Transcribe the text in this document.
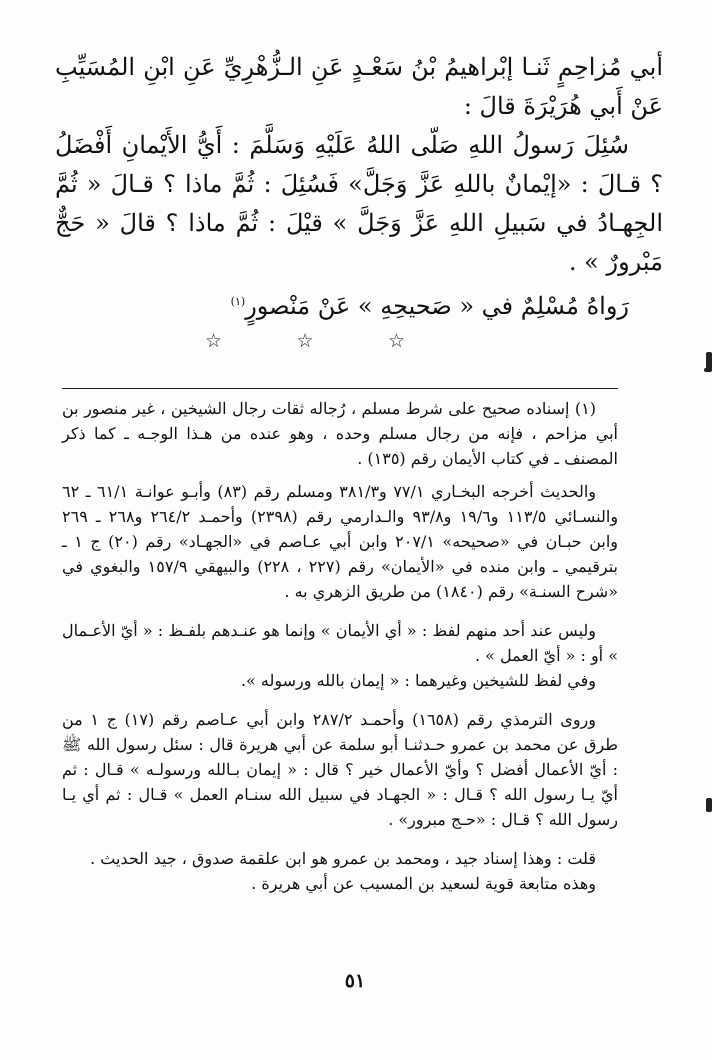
أبي مُزاحِمٍ ثَنـا إبْراهيمُ بْنُ سَعْـدٍ عَنِ الـزُّهْرِيِّ عَنِ ابْنِ المُسَيِّبِ عَنْ أَبي هُرَيْرَةَ قالَ :

سُئِلَ رَسولُ اللهِ صَلّى اللهُ عَلَيْهِ وَسَلَّمَ : أَيُّ الأَيْمانِ أَفْضَلُ ؟ قـالَ : «إيْمانٌ باللهِ عَزَّ وَجَلَّ» فَسُئِلَ : ثُمَّ ماذا ؟ قـالَ « ثُمَّ الجِهـادُ في سَبيلِ اللهِ عَزَّ وَجَلَّ » قيْلَ : ثُمَّ ماذا ؟ قالَ « حَجٌّ مَبْرورٌ » .

رَواهُ مُسْلِمٌ في « صَحيحِهِ » عَنْ مَنْصورٍ$^{(١)}$

☆	☆	☆

(١) إسناده صحيح على شرط مسلم ، رُجاله ثقات رجال الشيخين ، غير منصور بن أبي مزاحم ، فإنه من رجال مسلم وحده ، وهو عنده من هـذا الوجـه ـ كما ذكر المصنف ـ في كتاب الأيمان رقم (١٣٥) .

والحديث أخرجه البخـاري ٧٧/١ و٣٨١/٣ ومسلم رقم (٨٣) وأبـو عوانـة ٦١/١ ـ ٦٢ والنسـائي ١١٣/٥ و١٩/٦ و٩٣/٨ والـدارمي رقم (٢٣٩٨) وأحمـد ٢٦٤/٢ و٢٦٨ ـ ٢٦٩ وابن حبـان في «صحيحه» ٢٠٧/١ وابن أبي عـاصم في «الجهـاد» رقم (٢٠) ج ١ ـ بترقيمي ـ وابن منده في «الأيمان» رقم (٢٢٧ ، ٢٢٨) والبيهقي ١٥٧/٩ والبغوي في «شرح السنـة» رقم (١٨٤٠) من طريق الزهري به .

وليس عند أحد منهم لفظ : « أي الأيمان » وإنما هو عنـدهم بلفـظ : « أيّ الأعـمال » أو : « أيّ العمل » .

وفي لفظ للشيخين وغيرهما : « إيمان بالله ورسوله ».

وروى الترمذي رقم (١٦٥٨) وأحمـد ٢٨٧/٢ وابن أبي عـاصم رقم (١٧) ج ١ من طرق عن محمد بن عمرو حـدثنـا أبو سلمة عن أبي هريرة قال : سئل رسول الله ﷺ : أيّ الأعمال أفضل ؟ وأيّ الأعمال خير ؟ قال : « إيمان بـالله ورسولـه » قـال : ثم أيّ يـا رسول الله ؟ قـال : « الجهـاد في سبيل الله سنـام العمل » قـال : ثم أي يـا رسول الله ؟ قـال : «حـج مبرور» .

قلت : وهذا إسناد جيد ، ومحمد بن عمرو هو ابن علقمة صدوق ، جيد الحديث .

وهذه متابعة قوية لسعيد بن المسيب عن أبي هريرة .

٥١
